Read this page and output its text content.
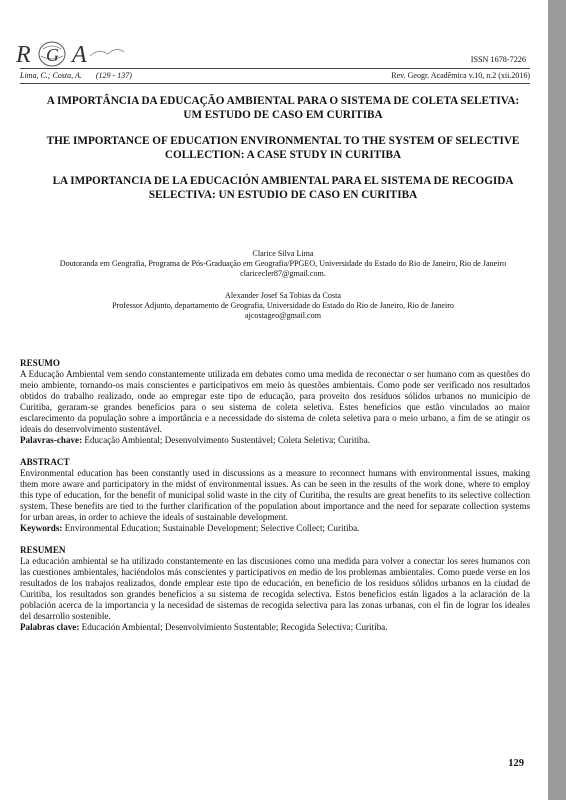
R G A	ISSN 1678-7226
Lima, C.; Costa, A. (129 - 137)	Rev. Geogr. Acadêmica v.10, n.2 (xii.2016)

A IMPORTÂNCIA DA EDUCAÇÃO AMBIENTAL PARA O SISTEMA DE COLETA SELETIVA: UM ESTUDO DE CASO EM CURITIBA

THE IMPORTANCE OF EDUCATION ENVIRONMENTAL TO THE SYSTEM OF SELECTIVE COLLECTION: A CASE STUDY IN CURITIBA

LA IMPORTANCIA DE LA EDUCACIÓN AMBIENTAL PARA EL SISTEMA DE RECOGIDA SELECTIVA: UN ESTUDIO DE CASO EN CURITIBA

Clarice Silva Lima
Doutoranda em Geografia, Programa de Pós-Graduação em Geografia/PPGEO, Universidade do Estado do Rio de Janeiro, Rio de Janeiro
claricecler87@gmail.com.
Alexander Josef Sa Tobias da Costa
Professor Adjunto, departamento de Geografia, Universidade do Estado do Rio de Janeiro, Rio de Janeiro
ajcostageo@gmail.com

RESUMO

A Educação Ambiental vem sendo constantemente utilizada em debates como uma medida de reconectar o ser humano com as questões do meio ambiente, tornando-os mais conscientes e participativos em meio às questões ambientais. Como pode ser verificado nos resultados obtidos do trabalho realizado, onde ao empregar este tipo de educação, para proveito dos resíduos sólidos urbanos no município de Curitiba, geraram-se grandes benefícios para o seu sistema de coleta seletiva. Estes benefícios que estão vinculados ao maior esclarecimento da população sobre a importância e a necessidade do sistema de coleta seletiva para o meio urbano, a fim de se atingir os ideais do desenvolvimento sustentável.

Palavras-chave: Educação Ambiental; Desenvolvimento Sustentável; Coleta Seletiva; Curitiba.

ABSTRACT

Environmental education has been constantly used in discussions as a measure to reconnect humans with environmental issues, making them more aware and participatory in the midst of environmental issues. As can be seen in the results of the work done, where to employ this type of education, for the benefit of municipal solid waste in the city of Curitiba, the results are great benefits to its selective collection system. These benefits are tied to the further clarification of the population about importance and the need for separate collection systems for urban areas, in order to achieve the ideals of sustainable development.

Keywords: Environmental Education; Sustainable Development; Selective Collect; Curitiba.

RESUMEN

La educación ambiental se ha utilizado constantemente en las discusiones como una medida para volver a conectar los seres humanos con las cuestiones ambientales, haciéndolos más conscientes y participativos en medio de los problemas ambientales. Como puede verse en los resultados de los trabajos realizados, donde emplear este tipo de educación, en beneficio de los residuos sólidos urbanos en la ciudad de Curitiba, los resultados son grandes beneficios a su sistema de recogida selectiva. Estos beneficios están ligados a la aclaración de la población acerca de la importancia y la necesidad de sistemas de recogida selectiva para las zonas urbanas, con el fin de lograr los ideales del desarrollo sostenible.

Palabras clave: Educación Ambiental; Desenvolvimiento Sustentable; Recogida Selectiva; Curitiba.

129
